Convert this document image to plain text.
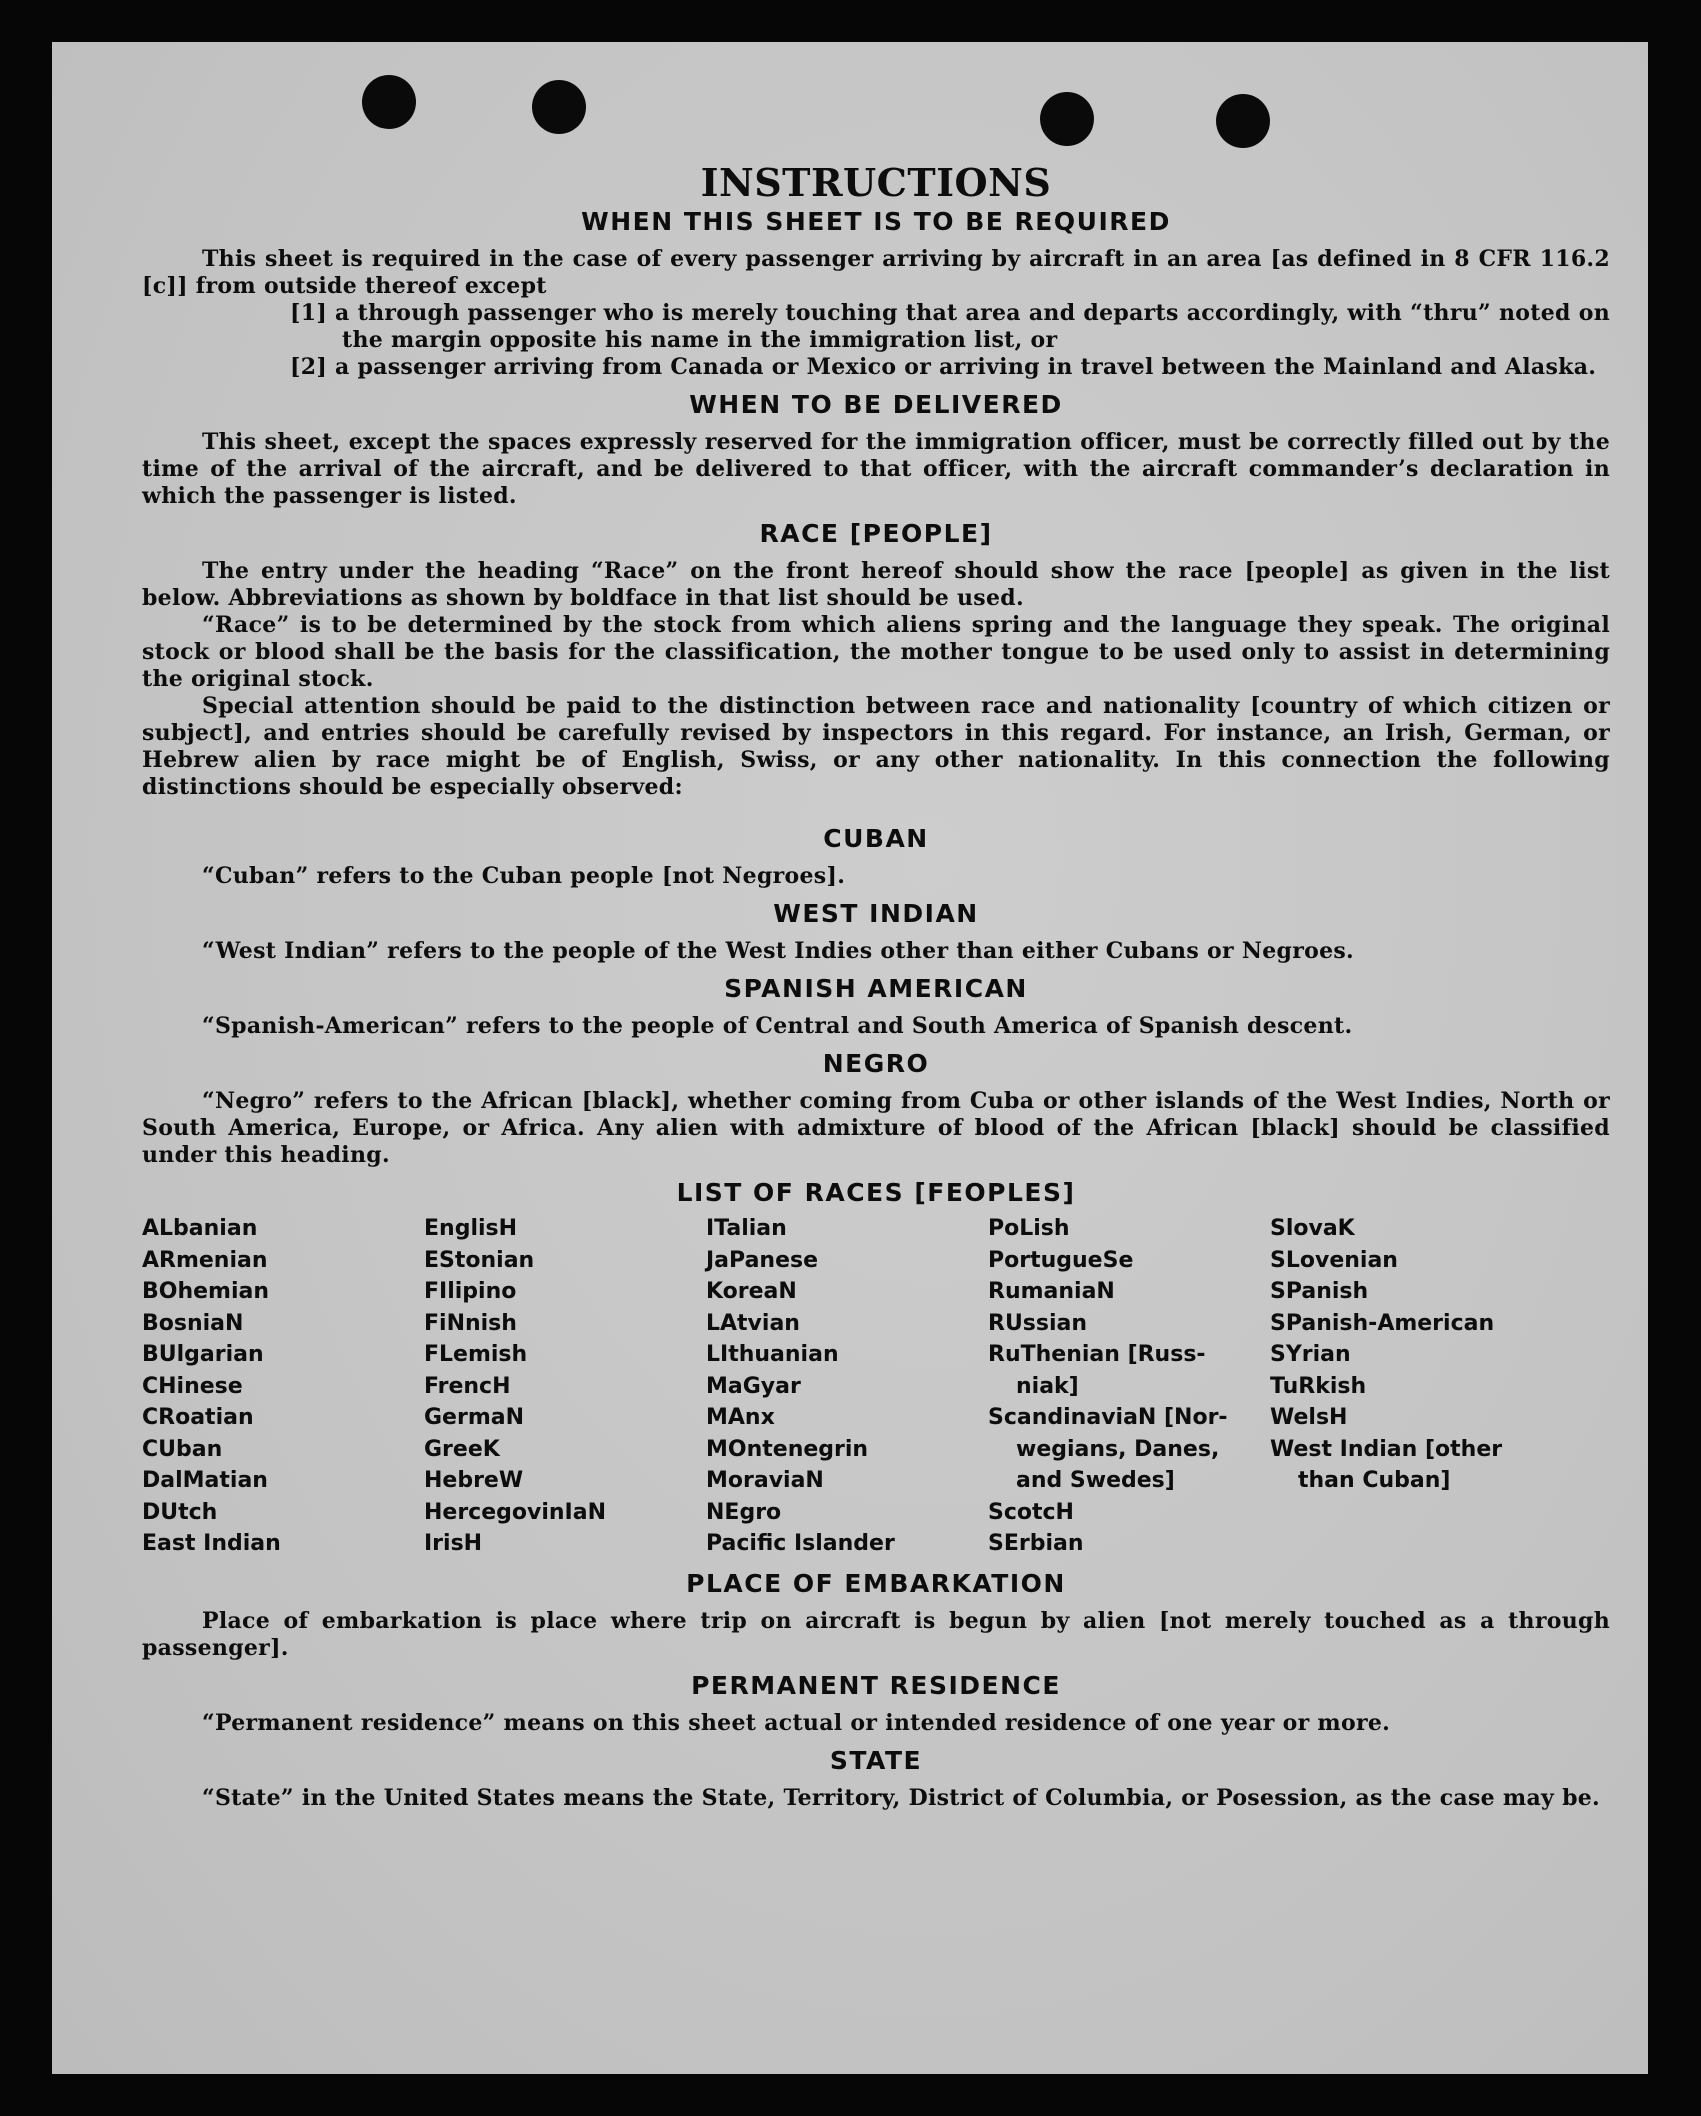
INSTRUCTIONS
WHEN THIS SHEET IS TO BE REQUIRED

This sheet is required in the case of every passenger arriving by aircraft in an area [as defined in 8 CFR 116.2 [c]] from outside thereof except

[1] a through passenger who is merely touching that area and departs accordingly, with “thru” noted on the margin opposite his name in the immigration list, or

[2] a passenger arriving from Canada or Mexico or arriving in travel between the Mainland and Alaska.

WHEN TO BE DELIVERED

This sheet, except the spaces expressly reserved for the immigration officer, must be correctly filled out by the time of the arrival of the aircraft, and be delivered to that officer, with the aircraft commander’s declaration in which the passenger is listed.

RACE [PEOPLE]

The entry under the heading “Race” on the front hereof should show the race [people] as given in the list below. Abbreviations as shown by boldface in that list should be used.

“Race” is to be determined by the stock from which aliens spring and the language they speak. The original stock or blood shall be the basis for the classification, the mother tongue to be used only to assist in determining the original stock.

Special attention should be paid to the distinction between race and nationality [country of which citizen or subject], and entries should be carefully revised by inspectors in this regard. For instance, an Irish, German, or Hebrew alien by race might be of English, Swiss, or any other nationality. In this connection the following distinctions should be especially observed:

CUBAN

“Cuban” refers to the Cuban people [not Negroes].

WEST INDIAN

“West Indian” refers to the people of the West Indies other than either Cubans or Negroes.

SPANISH AMERICAN

“Spanish-American” refers to the people of Central and South America of Spanish descent.

NEGRO

“Negro” refers to the African [black], whether coming from Cuba or other islands of the West Indies, North or South America, Europe, or Africa. Any alien with admixture of blood of the African [black] should be classified under this heading.

LIST OF RACES [FEOPLES]
ALbanian
ARmenian
BOhemian
BosniaN
BUlgarian
CHinese
CRoatian
CUban
DalMatian
DUtch
East Indian
EnglisH
EStonian
FIlipino
FiNnish
FLemish
FrencH
GermaN
GreeK
HebreW
HercegovinIaN
IrisH
ITalian
JaPanese
KoreaN
LAtvian
LIthuanian
MaGyar
MAnx
MOntenegrin
MoraviaN
NEgro
Pacific Islander
PoLish
PortugueSe
RumaniaN
RUssian
RuThenian [Russ-
niak]
ScandinaviaN [Nor-
wegians, Danes,
and Swedes]
ScotcH
SErbian
SlovaK
SLovenian
SPanish
SPanish-American
SYrian
TuRkish
WelsH
West Indian [other
than Cuban]
PLACE OF EMBARKATION

Place of embarkation is place where trip on aircraft is begun by alien [not merely touched as a through passenger].

PERMANENT RESIDENCE

“Permanent residence” means on this sheet actual or intended residence of one year or more.

STATE

“State” in the United States means the State, Territory, District of Columbia, or Posession, as the case may be.
